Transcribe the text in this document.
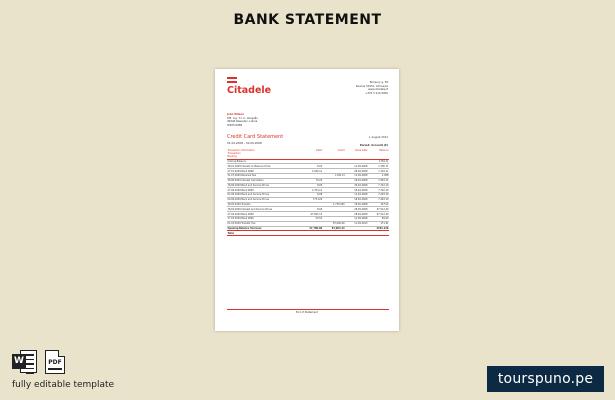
BANK STATEMENT
Citadele
Tempory g. 58
Kaunas 50151, Lithuania
www.citadele.lt
+370 5 210 0000
John Ellison
P.M. Ing. 71 d., Alingsås
40940 Rawsden, Latvia
LT905-0868
Credit Card Statement
01.04.2008 - 30.09.2008
1 August 2012
Period: Account (€)
Transaction Information
Transaction
Booking	Debit	Credit	Value Date	Balance
Closing Balance				1704.11
28.01.2009 Interest on Balance Drive	8.03		11.09.2008	1,700.71
27.01.2009 Bank 0000	1,620.11		28.09.2008	1,704.11
21.07.2009 Reversal Fee		1726.13	11.09.2008	1,908
18.06.2009 Interest Calculation	79.25		18.04.2008	7,954.11
18.06.2009 Bank and Service Prices	8.09		30.04.2008	7,722.10
27.06.2009 Bank 0000	1,704.11		18.04.2008	7,702.10
01.06.2009 Bank and Service Prices	8.08		11.04.2008	7,203.10
04.06.2009 Bank and Service Prices	773.124		18.04.2008	7,293.10
18.05.2009 Transfer		1,735.000	18.05.2008	30.512
18.04.2009 Interest and Service Prices	8.09		28.09.2008	67,512.40
27.04.2009 Bank 0000	67,005.13		28.09.2008	67,512.40
17.03.2009 Bank 0000	53.52		11.09.2008	89.00
01.03.2009 Transfer Fee		87,000.00	11.09.2013	171.91
Opening Balance Turnover	47,780.00	87,004.13		4762.136
Total				
End of Statement
W	PDF
fully editable template	tourspuno.pe
